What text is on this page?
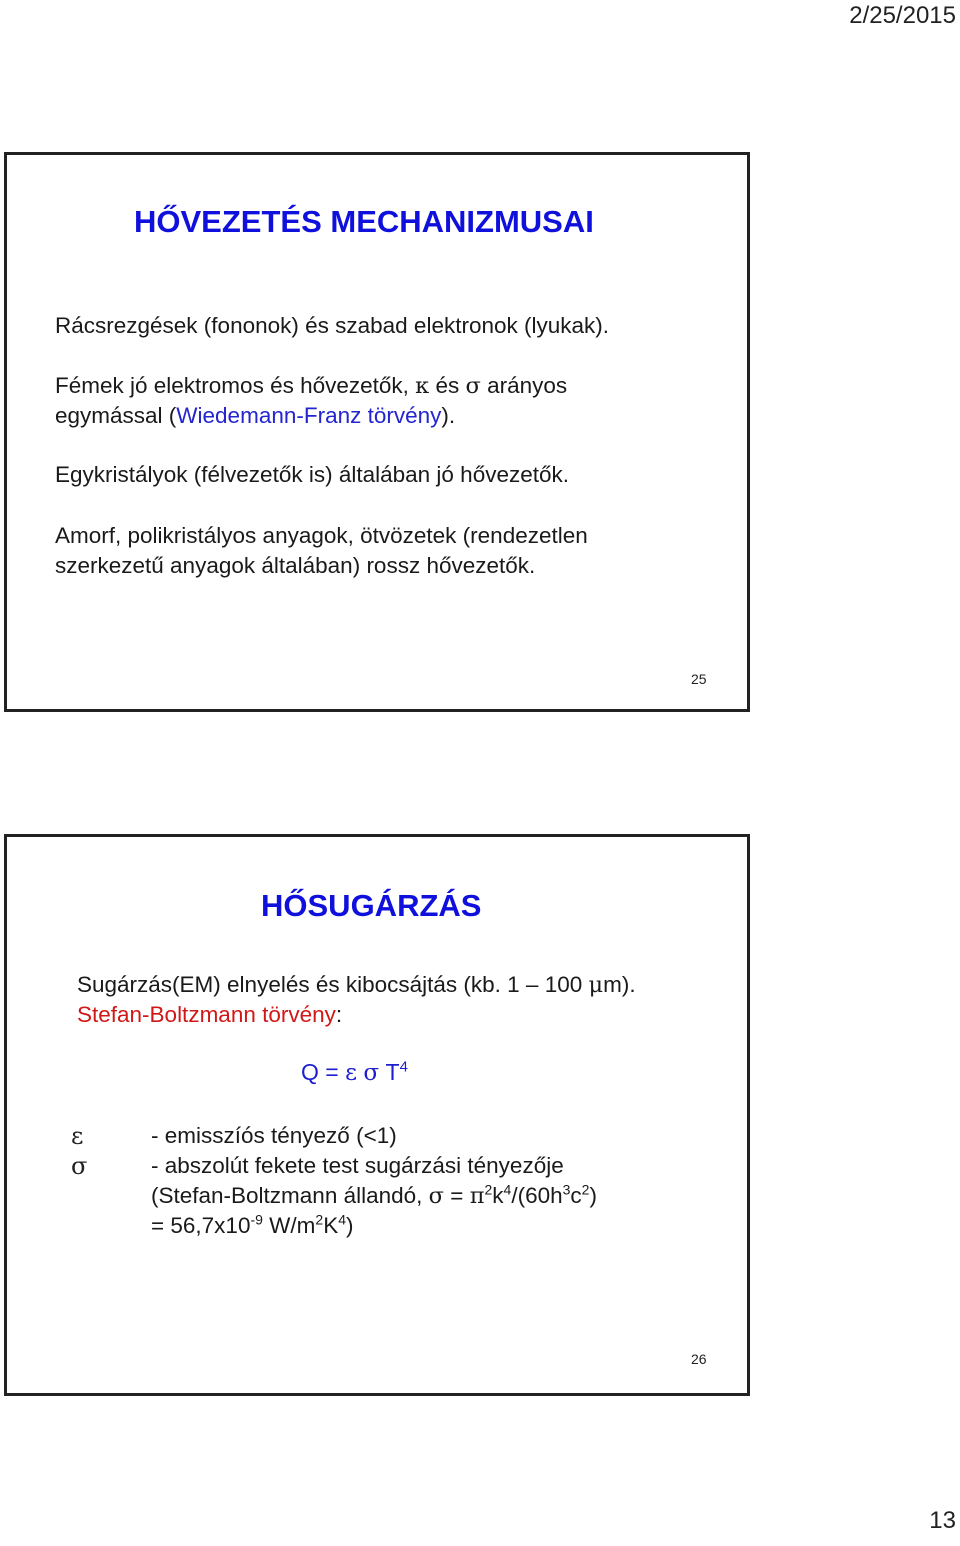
2/25/2015
HŐVEZETÉS MECHANIZMUSAI

Rácsrezgések (fononok) és szabad elektronok (lyukak).

Fémek jó elektromos és hővezetők, κ és σ arányos
egymással (Wiedemann-Franz törvény).

Egykristályok (félvezetők is) általában jó hővezetők.

Amorf, polikristályos anyagok, ötvözetek (rendezetlen
szerkezetű anyagok általában) rossz hővezetők.

25
HŐSUGÁRZÁS

Sugárzás(EM) elnyelés és kibocsájtás (kb. 1 – 100 μm).
Stefan-Boltzmann törvény:

Q = ε σ $T^4$
ε
σ
- emisszíós tényező (<1)
- abszolút fekete test sugárzási tényezője
(Stefan-Boltzmann állandó, $\sigma = \pi^2k^4/(60h^3c^2)$
= $56,7x10^{-9}$ $W/m^2K^4$)
26
13
